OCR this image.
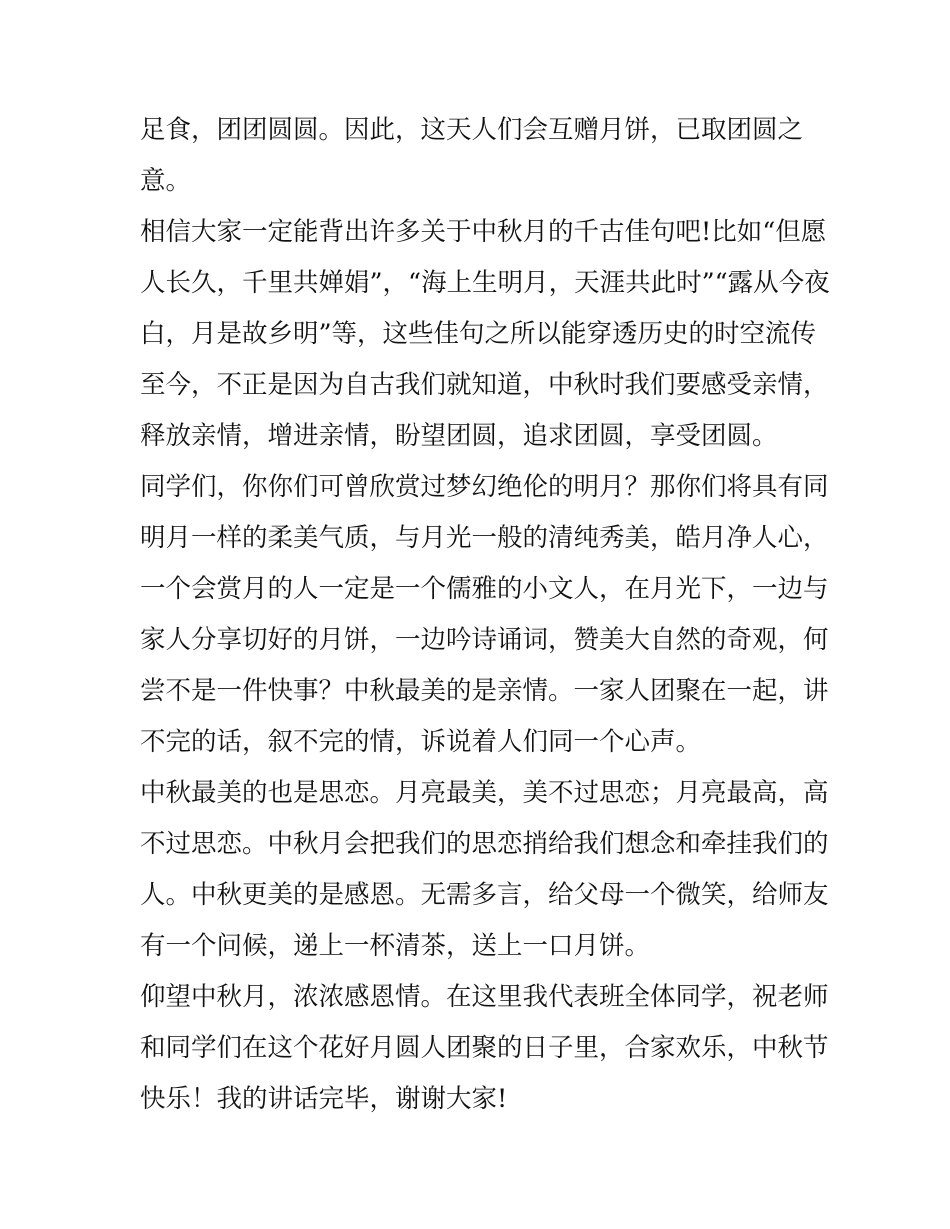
足食，团团圆圆。因此，这天人们会互赠月饼，已取团圆之
意。
相信大家一定能背出许多关于中秋月的千古佳句吧!比如“但愿
人长久，千里共婵娟”，“海上生明月，天涯共此时”“露从今夜
白，月是故乡明”等，这些佳句之所以能穿透历史的时空流传
至今，不正是因为自古我们就知道，中秋时我们要感受亲情，
释放亲情，增进亲情，盼望团圆，追求团圆，享受团圆。
同学们，你你们可曾欣赏过梦幻绝伦的明月？那你们将具有同
明月一样的柔美气质，与月光一般的清纯秀美，皓月净人心，
一个会赏月的人一定是一个儒雅的小文人，在月光下，一边与
家人分享切好的月饼，一边吟诗诵词，赞美大自然的奇观，何
尝不是一件快事？中秋最美的是亲情。一家人团聚在一起，讲
不完的话，叙不完的情，诉说着人们同一个心声。
中秋最美的也是思恋。月亮最美，美不过思恋；月亮最高，高
不过思恋。中秋月会把我们的思恋捎给我们想念和牵挂我们的
人。中秋更美的是感恩。无需多言，给父母一个微笑，给师友
有一个问候，递上一杯清茶，送上一口月饼。
仰望中秋月，浓浓感恩情。在这里我代表班全体同学，祝老师
和同学们在这个花好月圆人团聚的日子里，合家欢乐，中秋节
快乐！我的讲话完毕，谢谢大家!
